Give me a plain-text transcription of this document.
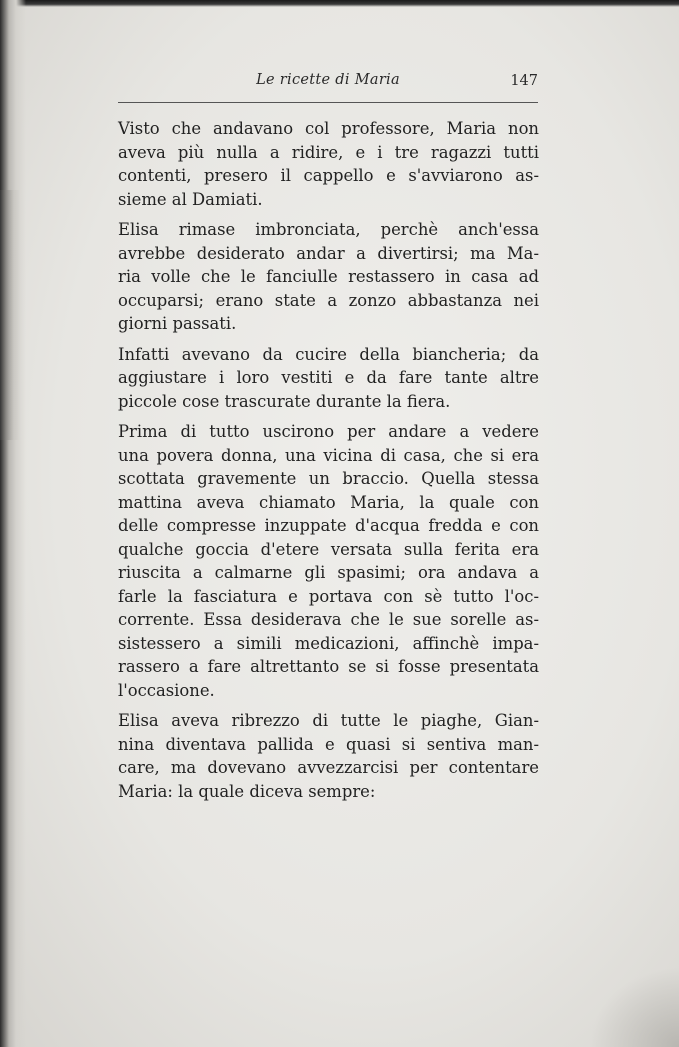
Le ricette di Maria	147
Visto che andavano col professore, Maria non
aveva più nulla a ridire, e i tre ragazzi tutti
contenti, presero il cappello e s'avviarono as-
sieme al Damiati.
Elisa rimase imbronciata, perchè anch'essa
avrebbe desiderato andar a divertirsi; ma Ma-
ria volle che le fanciulle restassero in casa ad
occuparsi; erano state a zonzo abbastanza nei
giorni passati.
Infatti avevano da cucire della biancheria; da
aggiustare i loro vestiti e da fare tante altre
piccole cose trascurate durante la fiera.
Prima di tutto uscirono per andare a vedere
una povera donna, una vicina di casa, che si era
scottata gravemente un braccio. Quella stessa
mattina aveva chiamato Maria, la quale con
delle compresse inzuppate d'acqua fredda e con
qualche goccia d'etere versata sulla ferita era
riuscita a calmarne gli spasimi; ora andava a
farle la fasciatura e portava con sè tutto l'oc-
corrente. Essa desiderava che le sue sorelle as-
sistessero a simili medicazioni, affinchè impa-
rassero a fare altrettanto se si fosse presentata
l'occasione.
Elisa aveva ribrezzo di tutte le piaghe, Gian-
nina diventava pallida e quasi si sentiva man-
care, ma dovevano avvezzarcisi per contentare
Maria: la quale diceva sempre:
